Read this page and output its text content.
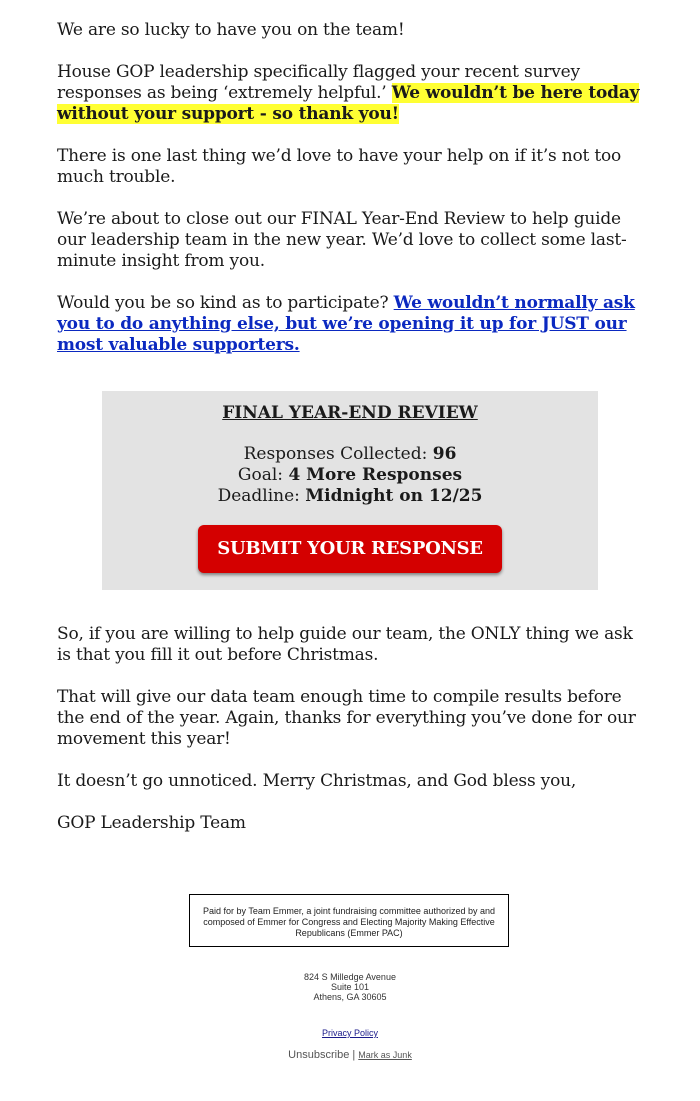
We are so lucky to have you on the team!

House GOP leadership specifically flagged your recent survey responses as being ‘extremely helpful.’ We wouldn’t be here today without your support - so thank you!

There is one last thing we’d love to have your help on if it’s not too much trouble.

We’re about to close out our FINAL Year-End Review to help guide our leadership team in the new year. We’d love to collect some last-minute insight from you.

Would you be so kind as to participate? We wouldn’t normally ask you to do anything else, but we’re opening it up for JUST our most valuable supporters.

FINAL YEAR-END REVIEW
Responses Collected: 96
Goal: 4 More Responses
Deadline: Midnight on 12/25
SUBMIT YOUR RESPONSE

So, if you are willing to help guide our team, the ONLY thing we ask is that you fill it out before Christmas.

That will give our data team enough time to compile results before the end of the year. Again, thanks for everything you’ve done for our movement this year!

It doesn’t go unnoticed. Merry Christmas, and God bless you,

GOP Leadership Team

Paid for by Team Emmer, a joint fundraising committee authorized by and composed of Emmer for Congress and Electing Majority Making Effective Republicans (Emmer PAC)
824 S Milledge Avenue
Suite 101
Athens, GA 30605
Privacy Policy
Unsubscribe | Mark as Junk
